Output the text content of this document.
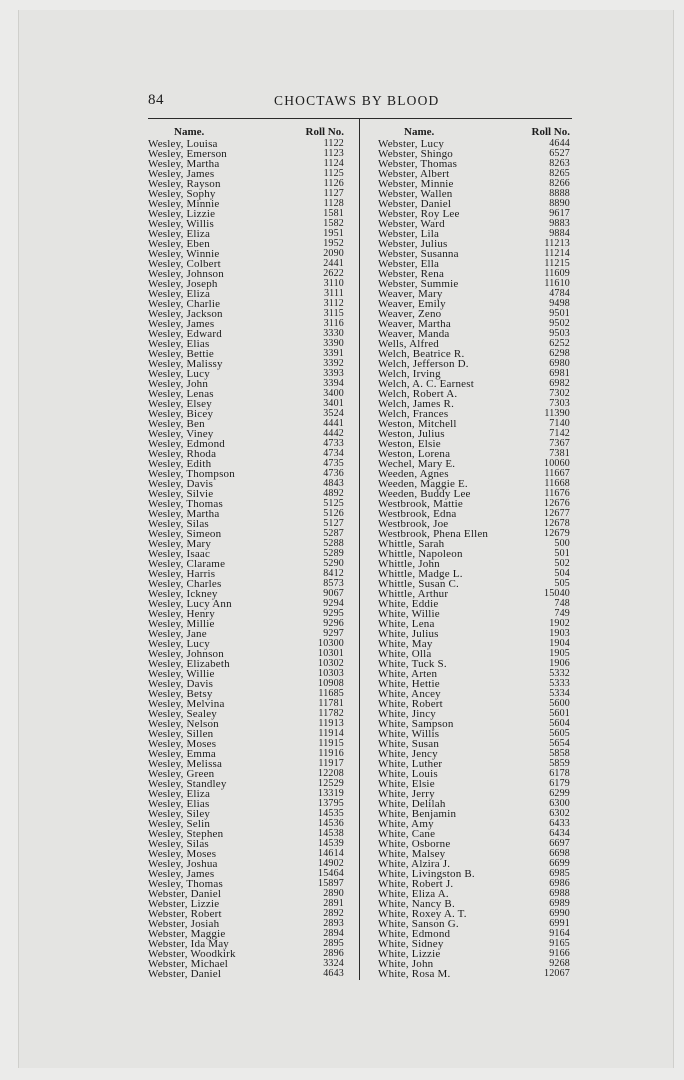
84	CHOCTAWS BY BLOOD
Name.	Roll No.
Wesley, Louisa	1122
Wesley, Emerson	1123
Wesley, Martha	1124
Wesley, James	1125
Wesley, Rayson	1126
Wesley, Sophy	1127
Wesley, Minnie	1128
Wesley, Lizzie	1581
Wesley, Willis	1582
Wesley, Eliza	1951
Wesley, Eben	1952
Wesley, Winnie	2090
Wesley, Colbert	2441
Wesley, Johnson	2622
Wesley, Joseph	3110
Wesley, Eliza	3111
Wesley, Charlie	3112
Wesley, Jackson	3115
Wesley, James	3116
Wesley, Edward	3330
Wesley, Elias	3390
Wesley, Bettie	3391
Wesley, Malissy	3392
Wesley, Lucy	3393
Wesley, John	3394
Wesley, Lenas	3400
Wesley, Elsey	3401
Wesley, Bicey	3524
Wesley, Ben	4441
Wesley, Viney	4442
Wesley, Edmond	4733
Wesley, Rhoda	4734
Wesley, Edith	4735
Wesley, Thompson	4736
Wesley, Davis	4843
Wesley, Silvie	4892
Wesley, Thomas	5125
Wesley, Martha	5126
Wesley, Silas	5127
Wesley, Simeon	5287
Wesley, Mary	5288
Wesley, Isaac	5289
Wesley, Clarame	5290
Wesley, Harris	8412
Wesley, Charles	8573
Wesley, Ickney	9067
Wesley, Lucy Ann	9294
Wesley, Henry	9295
Wesley, Millie	9296
Wesley, Jane	9297
Wesley, Lucy	10300
Wesley, Johnson	10301
Wesley, Elizabeth	10302
Wesley, Willie	10303
Wesley, Davis	10908
Wesley, Betsy	11685
Wesley, Melvina	11781
Wesley, Sealey	11782
Wesley, Nelson	11913
Wesley, Sillen	11914
Wesley, Moses	11915
Wesley, Emma	11916
Wesley, Melissa	11917
Wesley, Green	12208
Wesley, Standley	12529
Wesley, Eliza	13319
Wesley, Elias	13795
Wesley, Siley	14535
Wesley, Selin	14536
Wesley, Stephen	14538
Wesley, Silas	14539
Wesley, Moses	14614
Wesley, Joshua	14902
Wesley, James	15464
Wesley, Thomas	15897
Webster, Daniel	2890
Webster, Lizzie	2891
Webster, Robert	2892
Webster, Josiah	2893
Webster, Maggie	2894
Webster, Ida May	2895
Webster, Woodkirk	2896
Webster, Michael	3324
Webster, Daniel	4643
Name.	Roll No.
Webster, Lucy	4644
Webster, Shingo	6527
Webster, Thomas	8263
Webster, Albert	8265
Webster, Minnie	8266
Webster, Wallen	8888
Webster, Daniel	8890
Webster, Roy Lee	9617
Webster, Ward	9883
Webster, Lila	9884
Webster, Julius	11213
Webster, Susanna	11214
Webster, Ella	11215
Webster, Rena	11609
Webster, Summie	11610
Weaver, Mary	4784
Weaver, Emily	9498
Weaver, Zeno	9501
Weaver, Martha	9502
Weaver, Manda	9503
Wells, Alfred	6252
Welch, Beatrice R.	6298
Welch, Jefferson D.	6980
Welch, Irving	6981
Welch, A. C. Earnest	6982
Welch, Robert A.	7302
Welch, James R.	7303
Welch, Frances	11390
Weston, Mitchell	7140
Weston, Julius	7142
Weston, Elsie	7367
Weston, Lorena	7381
Wechel, Mary E.	10060
Weeden, Agnes	11667
Weeden, Maggie E.	11668
Weeden, Buddy Lee	11676
Westbrook, Mattie	12676
Westbrook, Edna	12677
Westbrook, Joe	12678
Westbrook, Phena Ellen	12679
Whittle, Sarah	500
Whittle, Napoleon	501
Whittle, John	502
Whittle, Madge L.	504
Whittle, Susan C.	505
Whittle, Arthur	15040
White, Eddie	748
White, Willie	749
White, Lena	1902
White, Julius	1903
White, May	1904
White, Olla	1905
White, Tuck S.	1906
White, Arten	5332
White, Hettie	5333
White, Ancey	5334
White, Robert	5600
White, Jincy	5601
White, Sampson	5604
White, Willis	5605
White, Susan	5654
White, Jency	5858
White, Luther	5859
White, Louis	6178
White, Elsie	6179
White, Jerry	6299
White, Delilah	6300
White, Benjamin	6302
White, Amy	6433
White, Cane	6434
White, Osborne	6697
White, Malsey	6698
White, Alzira J.	6699
White, Livingston B.	6985
White, Robert J.	6986
White, Eliza A.	6988
White, Nancy B.	6989
White, Roxey A. T.	6990
White, Sanson G.	6991
White, Edmond	9164
White, Sidney	9165
White, Lizzie	9166
White, John	9268
White, Rosa M.	12067
